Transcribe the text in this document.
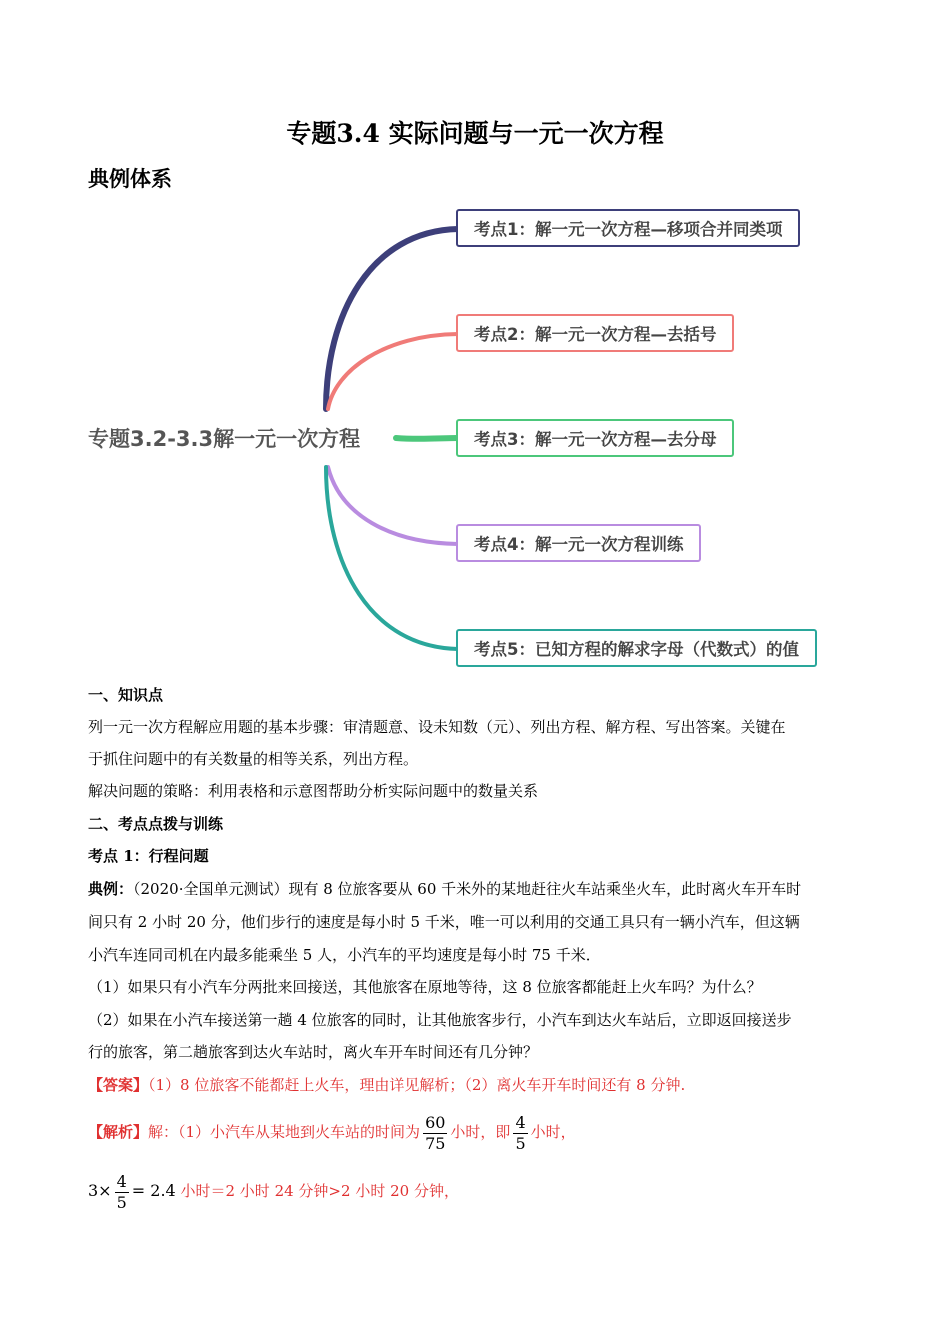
专题3.4 实际问题与一元一次方程
典例体系
专题3.2-3.3解一元一次方程
考点1：解一元一次方程—移项合并同类项
考点2：解一元一次方程—去括号
考点3：解一元一次方程—去分母
考点4：解一元一次方程训练
考点5：已知方程的解求字母（代数式）的值
一、知识点
列一元一次方程解应用题的基本步骤：审清题意、设未知数（元）、列出方程、解方程、写出答案。关键在
于抓住问题中的有关数量的相等关系，列出方程。
解决问题的策略：利用表格和示意图帮助分析实际问题中的数量关系
二、考点点拨与训练
考点 1：行程问题
典例：（2020·全国单元测试）现有 8 位旅客要从 60 千米外的某地赶往火车站乘坐火车，此时离火车开车时
间只有 2 小时 20 分，他们步行的速度是每小时 5 千米，唯一可以利用的交通工具只有一辆小汽车，但这辆
小汽车连同司机在内最多能乘坐 5 人，小汽车的平均速度是每小时 75 千米．
（1）如果只有小汽车分两批来回接送，其他旅客在原地等待，这 8 位旅客都能赶上火车吗？为什么？
（2）如果在小汽车接送第一趟 4 位旅客的同时，让其他旅客步行，小汽车到达火车站后，立即返回接送步
行的旅客，第二趟旅客到达火车站时，离火车开车时间还有几分钟？
【答案】（1）8 位旅客不能都赶上火车，理由详见解析；（2）离火车开车时间还有 8 分钟.
【解析】解：（1）小汽车从某地到火车站的时间为 $\frac{60}{75}$ 小时，即 $\frac{4}{5}$ 小时，
$3\times \frac{4}{5} = 2.4$ 小时＝2 小时 24 分钟>2 小时 20 分钟，
